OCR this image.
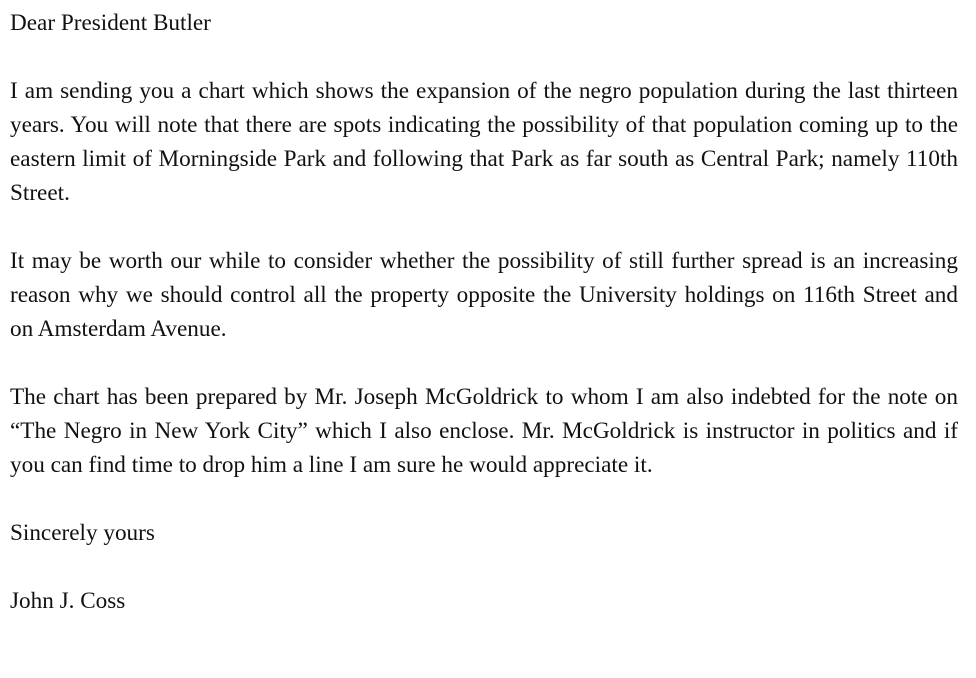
Dear President Butler

I am sending you a chart which shows the expansion of the negro population during the last thirteen years. You will note that there are spots indicating the possibility of that population coming up to the eastern limit of Morningside Park and following that Park as far south as Central Park; namely 110th Street.

It may be worth our while to consider whether the possibility of still further spread is an increasing reason why we should control all the property opposite the University holdings on 116th Street and on Amsterdam Avenue.

The chart has been prepared by Mr. Joseph McGoldrick to whom I am also indebted for the note on “The Negro in New York City” which I also enclose. Mr. McGoldrick is instructor in politics and if you can find time to drop him a line I am sure he would appreciate it.

Sincerely yours

John J. Coss
